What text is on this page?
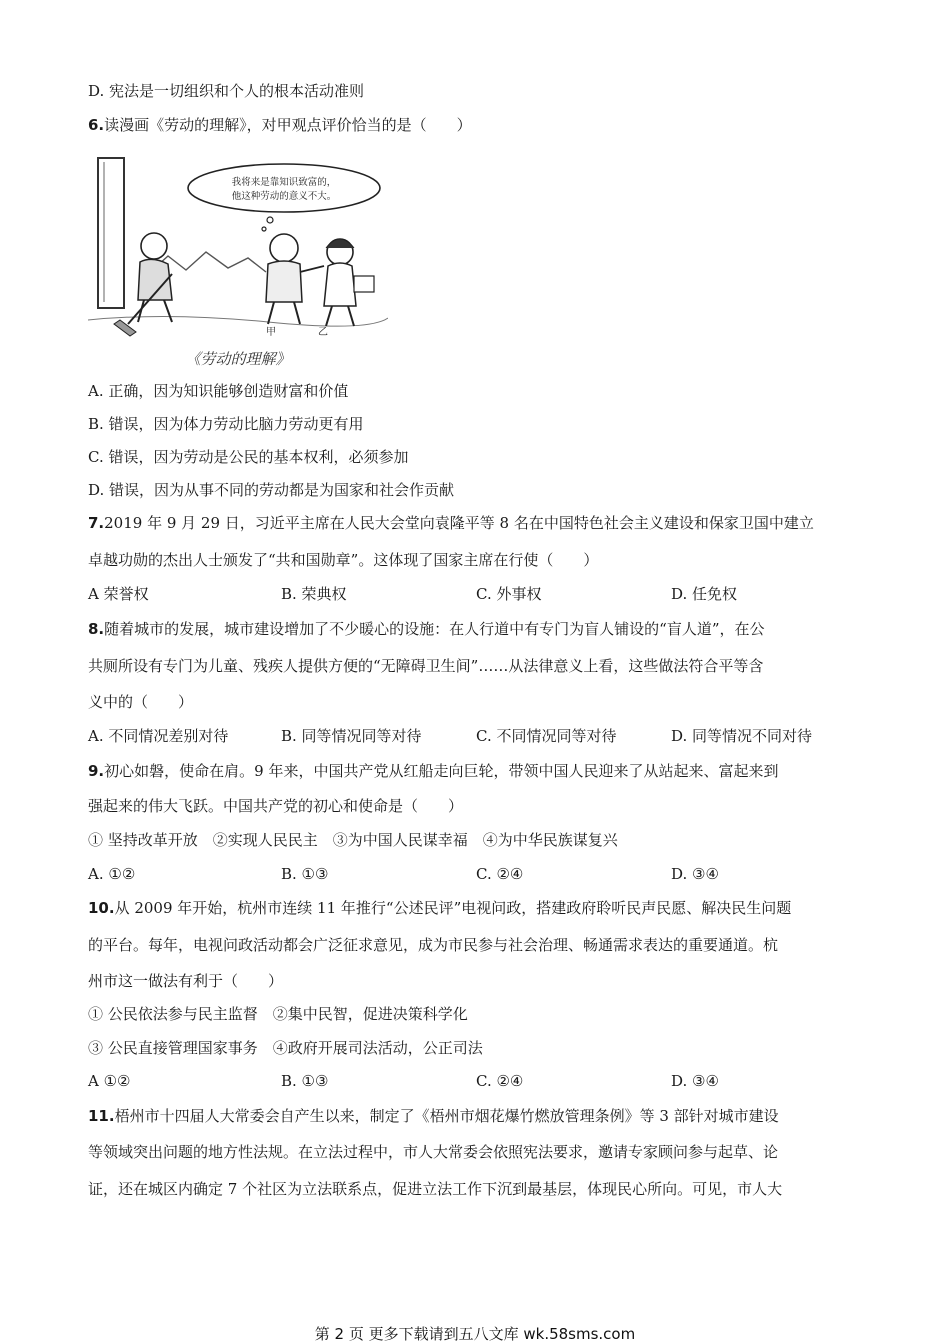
D. 宪法是一切组织和个人的根本活动准则
6.读漫画《劳动的理解》，对甲观点评价恰当的是（　　）
我将来是靠知识致富的，
他这种劳动的意义不大。
甲	乙
《劳动的理解》
A. 正确，因为知识能够创造财富和价值
B. 错误，因为体力劳动比脑力劳动更有用
C. 错误，因为劳动是公民的基本权利，必须参加
D. 错误，因为从事不同的劳动都是为国家和社会作贡献
7.2019 年 9 月 29 日，习近平主席在人民大会堂向袁隆平等 8 名在中国特色社会主义建设和保家卫国中建立
卓越功勋的杰出人士颁发了“共和国勋章”。这体现了国家主席在行使（　　）
A 荣誉权	B. 荣典权	C. 外事权	D. 任免权
8.随着城市的发展，城市建设增加了不少暖心的设施：在人行道中有专门为盲人铺设的“盲人道”，在公
共厕所设有专门为儿童、残疾人提供方便的“无障碍卫生间”……从法律意义上看，这些做法符合平等含
义中的（　　）
A. 不同情况差别对待	B. 同等情况同等对待	C. 不同情况同等对待	D. 同等情况不同对待
9.初心如磐，使命在肩。9 年来，中国共产党从红船走向巨轮，带领中国人民迎来了从站起来、富起来到
强起来的伟大飞跃。中国共产党的初心和使命是（　　）
① 坚持改革开放　②实现人民民主　③为中国人民谋幸福　④为中华民族谋复兴
A. ①②	B. ①③	C. ②④	D. ③④
10.从 2009 年开始，杭州市连续 11 年推行“公述民评”电视问政，搭建政府聆听民声民愿、解决民生问题
的平台。每年，电视问政活动都会广泛征求意见，成为市民参与社会治理、畅通需求表达的重要通道。杭
州市这一做法有利于（　　）
① 公民依法参与民主监督　②集中民智，促进决策科学化
③ 公民直接管理国家事务　④政府开展司法活动，公正司法
A ①②	B. ①③	C. ②④	D. ③④
11.梧州市十四届人大常委会自产生以来，制定了《梧州市烟花爆竹燃放管理条例》等 3 部针对城市建设
等领域突出问题的地方性法规。在立法过程中，市人大常委会依照宪法要求，邀请专家顾问参与起草、论
证，还在城区内确定 7 个社区为立法联系点，促进立法工作下沉到最基层，体现民心所向。可见，市人大
第 2 页 更多下载请到五八文库 wk.58sms.com
